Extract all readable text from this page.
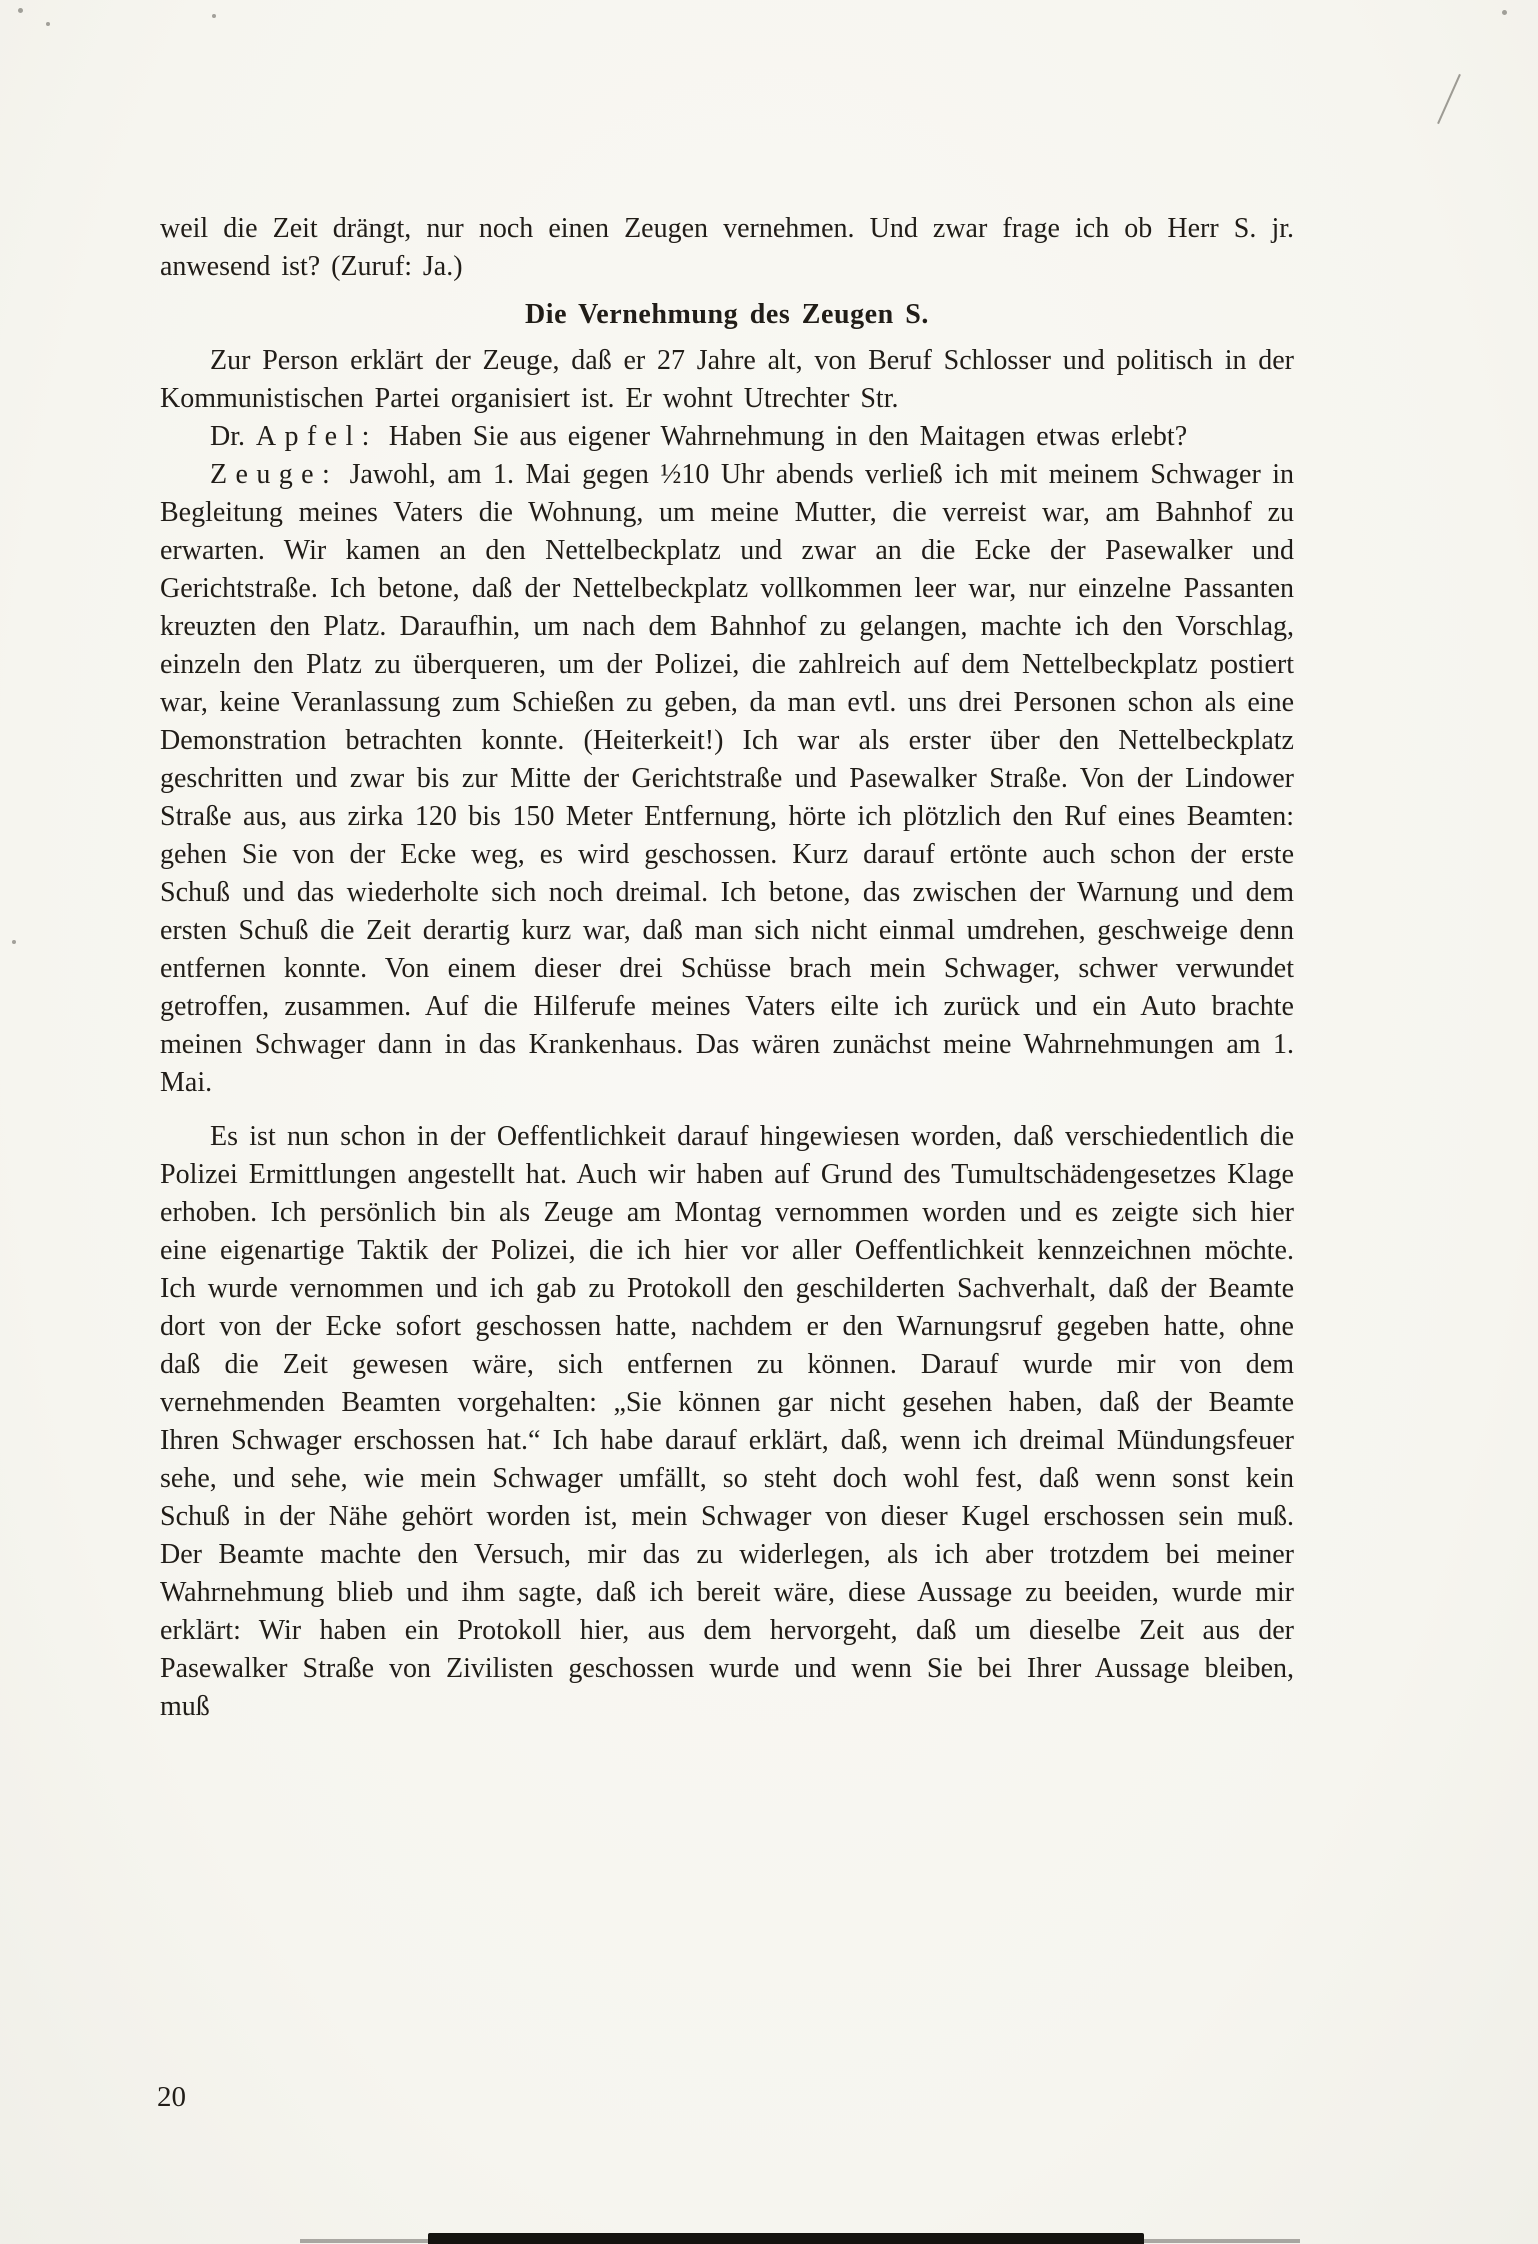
weil die Zeit drängt, nur noch einen Zeugen vernehmen. Und zwar frage ich ob Herr S. jr. anwesend ist? (Zuruf: Ja.)

Die Vernehmung des Zeugen S.

Zur Person erklärt der Zeuge, daß er 27 Jahre alt, von Beruf Schlosser und politisch in der Kommunistischen Partei organisiert ist. Er wohnt Utrechter Str.

Dr. Apfel: Haben Sie aus eigener Wahrnehmung in den Maitagen etwas erlebt?

Zeuge: Jawohl, am 1. Mai gegen ½10 Uhr abends verließ ich mit meinem Schwager in Begleitung meines Vaters die Wohnung, um meine Mutter, die verreist war, am Bahnhof zu erwarten. Wir kamen an den Nettelbeckplatz und zwar an die Ecke der Pasewalker und Gerichtstraße. Ich betone, daß der Nettelbeckplatz vollkommen leer war, nur einzelne Passanten kreuzten den Platz. Daraufhin, um nach dem Bahnhof zu gelangen, machte ich den Vorschlag, einzeln den Platz zu überqueren, um der Polizei, die zahlreich auf dem Nettelbeckplatz postiert war, keine Veranlassung zum Schießen zu geben, da man evtl. uns drei Personen schon als eine Demonstration betrachten konnte. (Heiterkeit!) Ich war als erster über den Nettelbeckplatz geschritten und zwar bis zur Mitte der Gerichtstraße und Pasewalker Straße. Von der Lindower Straße aus, aus zirka 120 bis 150 Meter Entfernung, hörte ich plötzlich den Ruf eines Beamten: gehen Sie von der Ecke weg, es wird geschossen. Kurz darauf ertönte auch schon der erste Schuß und das wiederholte sich noch dreimal. Ich betone, das zwischen der Warnung und dem ersten Schuß die Zeit derartig kurz war, daß man sich nicht einmal umdrehen, geschweige denn entfernen konnte. Von einem dieser drei Schüsse brach mein Schwager, schwer verwundet getroffen, zusammen. Auf die Hilferufe meines Vaters eilte ich zurück und ein Auto brachte meinen Schwager dann in das Krankenhaus. Das wären zunächst meine Wahrnehmungen am 1. Mai.

Es ist nun schon in der Oeffentlichkeit darauf hingewiesen worden, daß verschiedentlich die Polizei Ermittlungen angestellt hat. Auch wir haben auf Grund des Tumultschädengesetzes Klage erhoben. Ich persönlich bin als Zeuge am Montag vernommen worden und es zeigte sich hier eine eigenartige Taktik der Polizei, die ich hier vor aller Oeffentlichkeit kennzeichnen möchte. Ich wurde vernommen und ich gab zu Protokoll den geschilderten Sachverhalt, daß der Beamte dort von der Ecke sofort geschossen hatte, nachdem er den Warnungsruf gegeben hatte, ohne daß die Zeit gewesen wäre, sich entfernen zu können. Darauf wurde mir von dem vernehmenden Beamten vorgehalten: „Sie können gar nicht gesehen haben, daß der Beamte Ihren Schwager erschossen hat.“ Ich habe darauf erklärt, daß, wenn ich dreimal Mündungsfeuer sehe, und sehe, wie mein Schwager umfällt, so steht doch wohl fest, daß wenn sonst kein Schuß in der Nähe gehört worden ist, mein Schwager von dieser Kugel erschossen sein muß. Der Beamte machte den Versuch, mir das zu widerlegen, als ich aber trotzdem bei meiner Wahrnehmung blieb und ihm sagte, daß ich bereit wäre, diese Aussage zu beeiden, wurde mir erklärt: Wir haben ein Protokoll hier, aus dem hervorgeht, daß um dieselbe Zeit aus der Pasewalker Straße von Zivilisten geschossen wurde und wenn Sie bei Ihrer Aussage bleiben, muß

20
